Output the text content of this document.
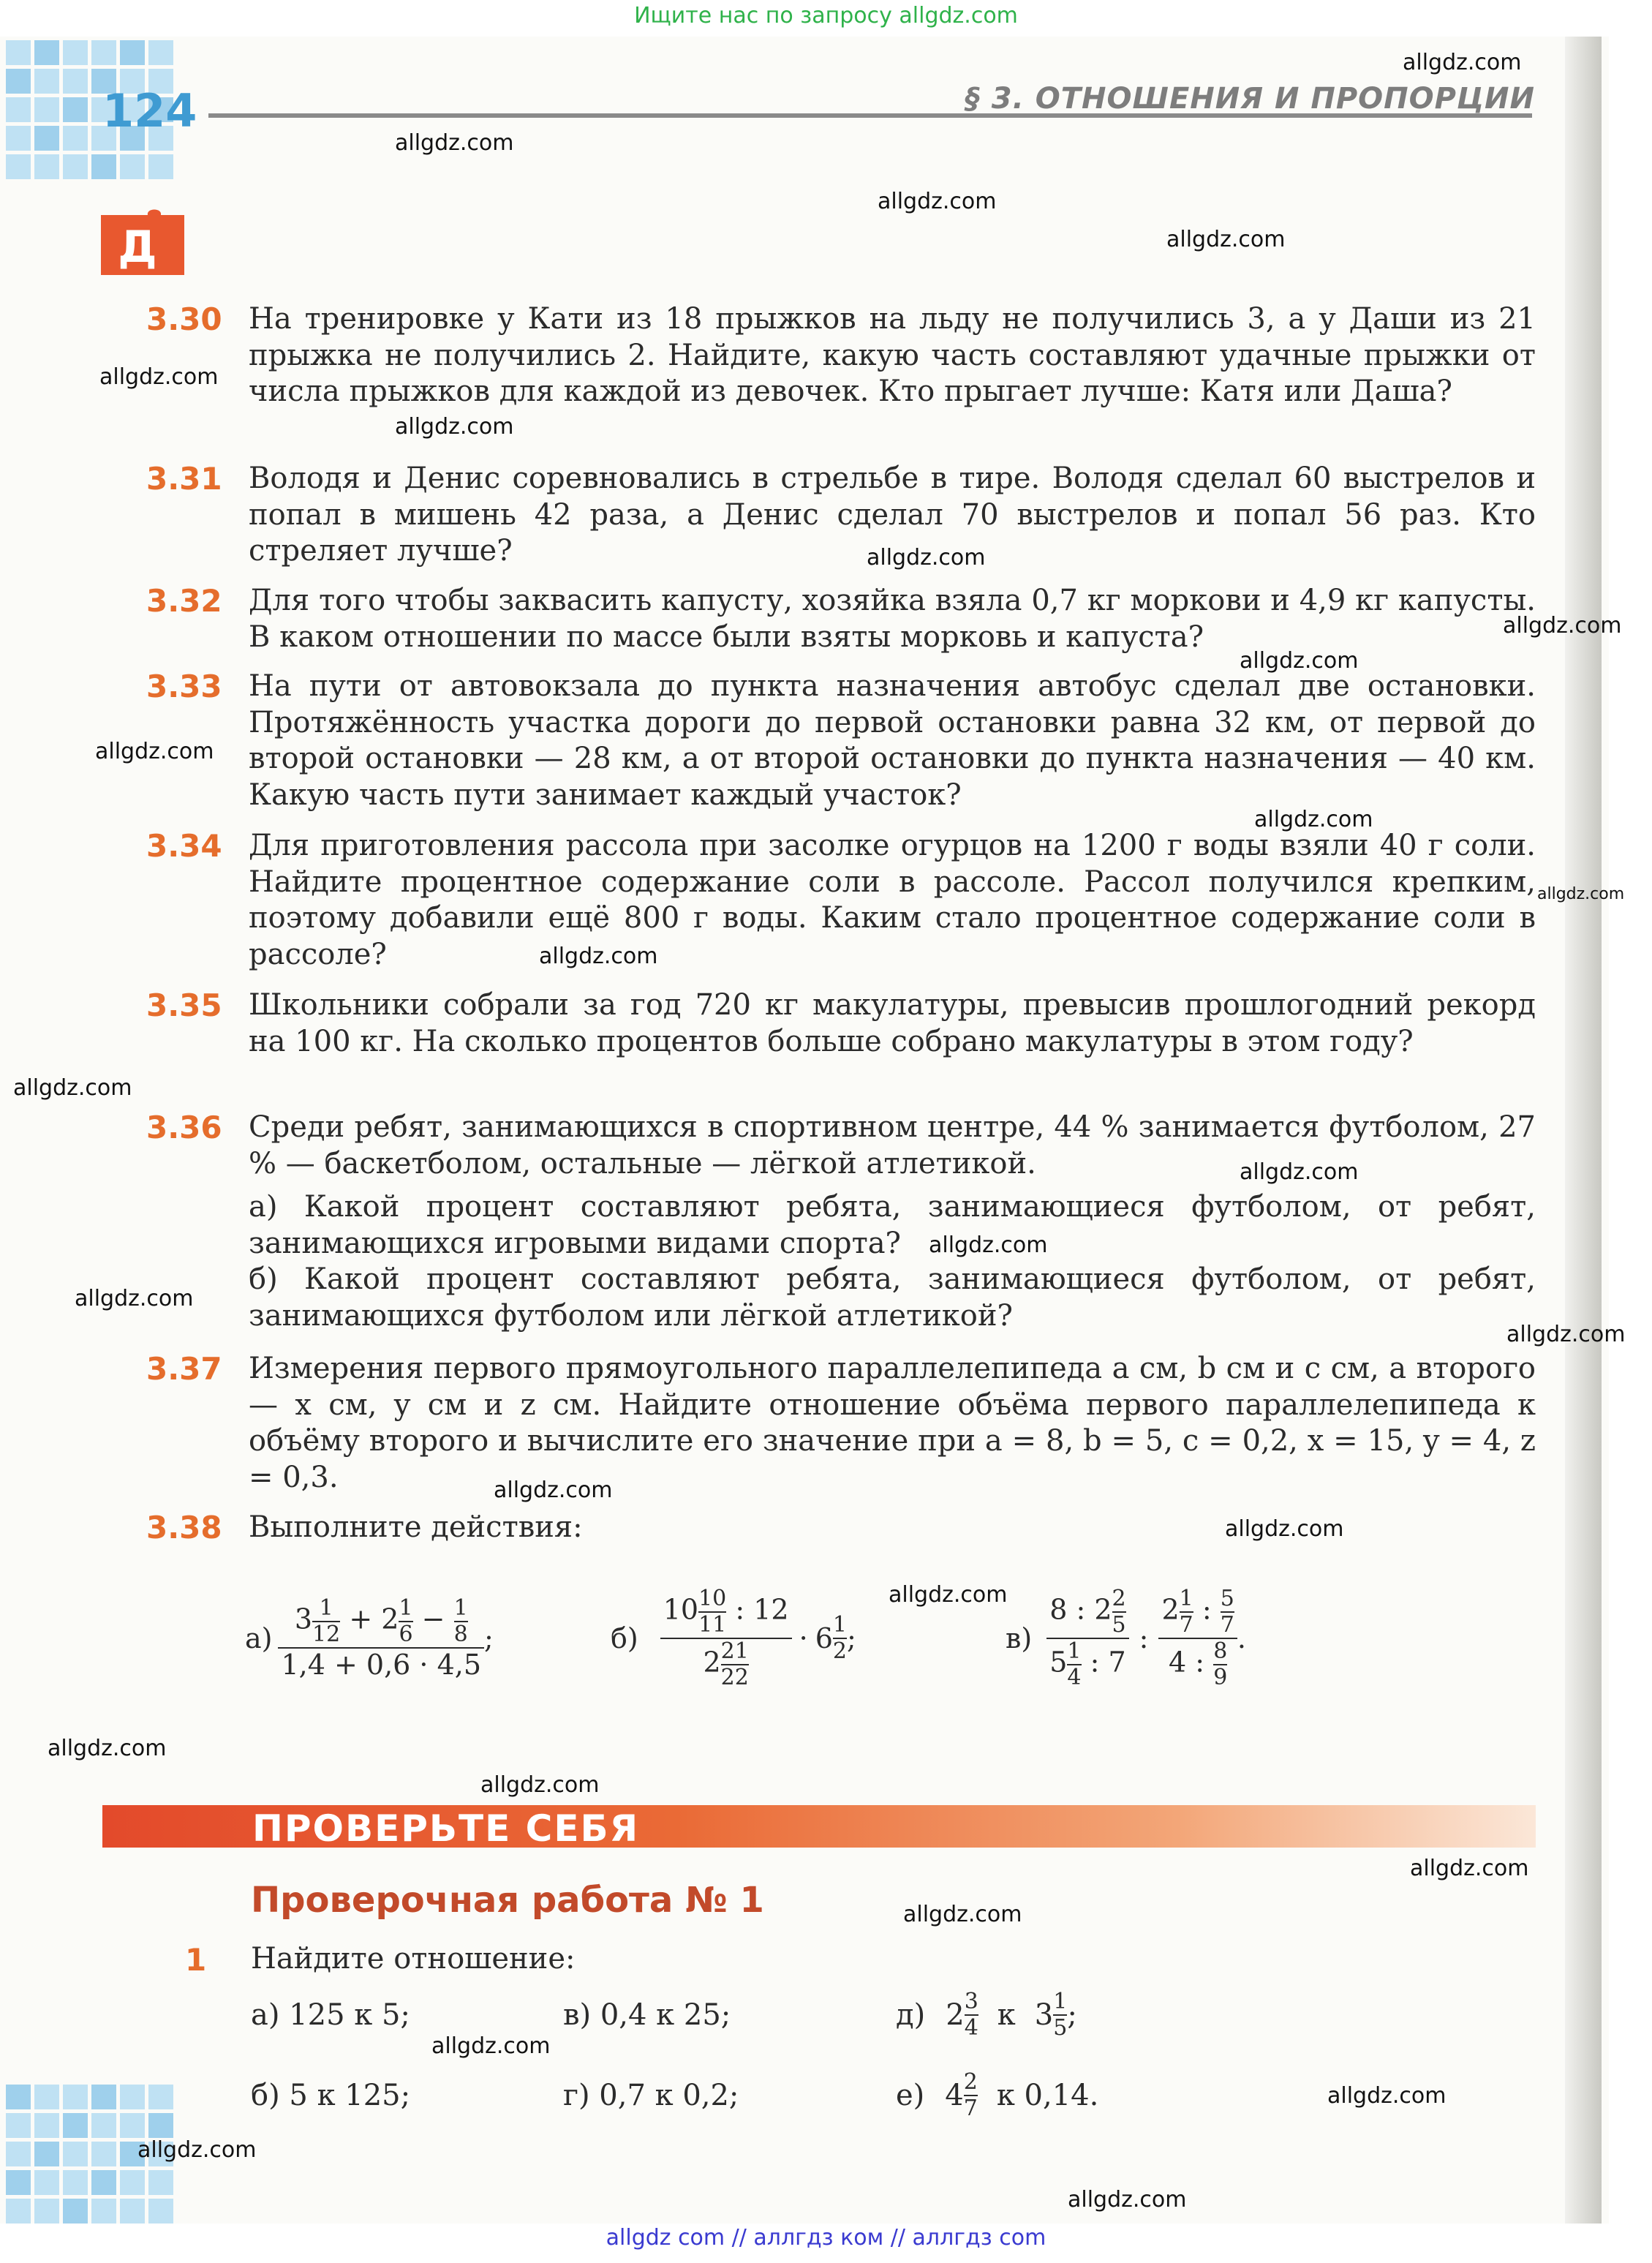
Ищите нас по запросу allgdz.com
124	§ 3. ОТНОШЕНИЯ И ПРОПОРЦИИ
Д
3.30 На тренировке у Кати из 18 прыжков на льду не получились 3, а у Даши из 21 прыжка не получились 2. Найдите, какую часть составляют удачные прыжки от числа прыжков для каждой из девочек. Кто прыгает лучше: Катя или Даша?
3.31 Володя и Денис соревновались в стрельбе в тире. Володя сделал 60 выстрелов и попал в мишень 42 раза, а Денис сделал 70 выстрелов и попал 56 раз. Кто стреляет лучше?
3.32 Для того чтобы заквасить капусту, хозяйка взяла 0,7 кг моркови и 4,9 кг капусты. В каком отношении по массе были взяты морковь и капуста?
3.33 На пути от автовокзала до пункта назначения автобус сделал две остановки. Протяжённость участка дороги до первой остановки равна 32 км, от первой до второй остановки — 28 км, а от второй остановки до пункта назначения — 40 км. Какую часть пути занимает каждый участок?
3.34 Для приготовления рассола при засолке огурцов на 1200 г воды взяли 40 г соли. Найдите процентное содержание соли в рассоле. Рассол получился крепким, поэтому добавили ещё 800 г воды. Каким стало процентное содержание соли в рассоле?
3.35 Школьники собрали за год 720 кг макулатуры, превысив прошлогодний рекорд на 100 кг. На сколько процентов больше собрано макулатуры в этом году?
3.36 Среди ребят, занимающихся в спортивном центре, 44 % занимается футболом, 27 % — баскетболом, остальные — лёгкой атлетикой.
а) Какой процент составляют ребята, занимающиеся футболом, от ребят, занимающихся игровыми видами спорта?
б) Какой процент составляют ребята, занимающиеся футболом, от ребят, занимающихся футболом или лёгкой атлетикой?
3.37 Измерения первого прямоугольного параллелепипеда a см, b см и c см, а второго — x см, y см и z см. Найдите отношение объёма первого параллелепипеда к объёму второго и вычислите его значение при a = 8, b = 5, c = 0,2, x = 15, y = 4, z = 0,3.
3.38 Выполните действия:
$а) \frac{3 \frac{1}{12} + 2 \frac{1}{6} - \frac{1}{8}}{1,4 + 0,6 \cdot 4,5}$ ;	$б) \frac{10 \frac{10}{11} : 12}{2 \frac{21}{22}} \cdot 6$ 1
2 ;	$в) \frac{8 : 2 \frac{2}{5}}{5 \frac{1}{4} : 7}$ : $\frac{2 \frac{1}{7} : \frac{5}{7}}{4 : \frac{8}{9}}$ .
ПРОВЕРЬТЕ СЕБЯ
Проверочная работа № 1
1 Найдите отношение:
а) 125 к 5;
б) 5 к 125;
в) 0,4 к 25;
г) 0,7 к 0,2;
д) 2 3
4 к 3 1
5 ;
е) 4 2
7 к 0,14.
allgdz.com
allgdz.com
allgdz.com
allgdz.com
allgdz.com
allgdz.com
allgdz.com
allgdz.com
allgdz.com
allgdz.com
allgdz.com
allgdz.com
allgdz.com
allgdz.com
allgdz.com
allgdz.com
allgdz.com
allgdz.com
allgdz.com
allgdz.com
allgdz.com
allgdz.com
allgdz.com
allgdz.com
allgdz.com
allgdz.com
allgdz.com
allgdz.com
allgdz.com
allgdz com // аллгдз ком // аллгдз com
